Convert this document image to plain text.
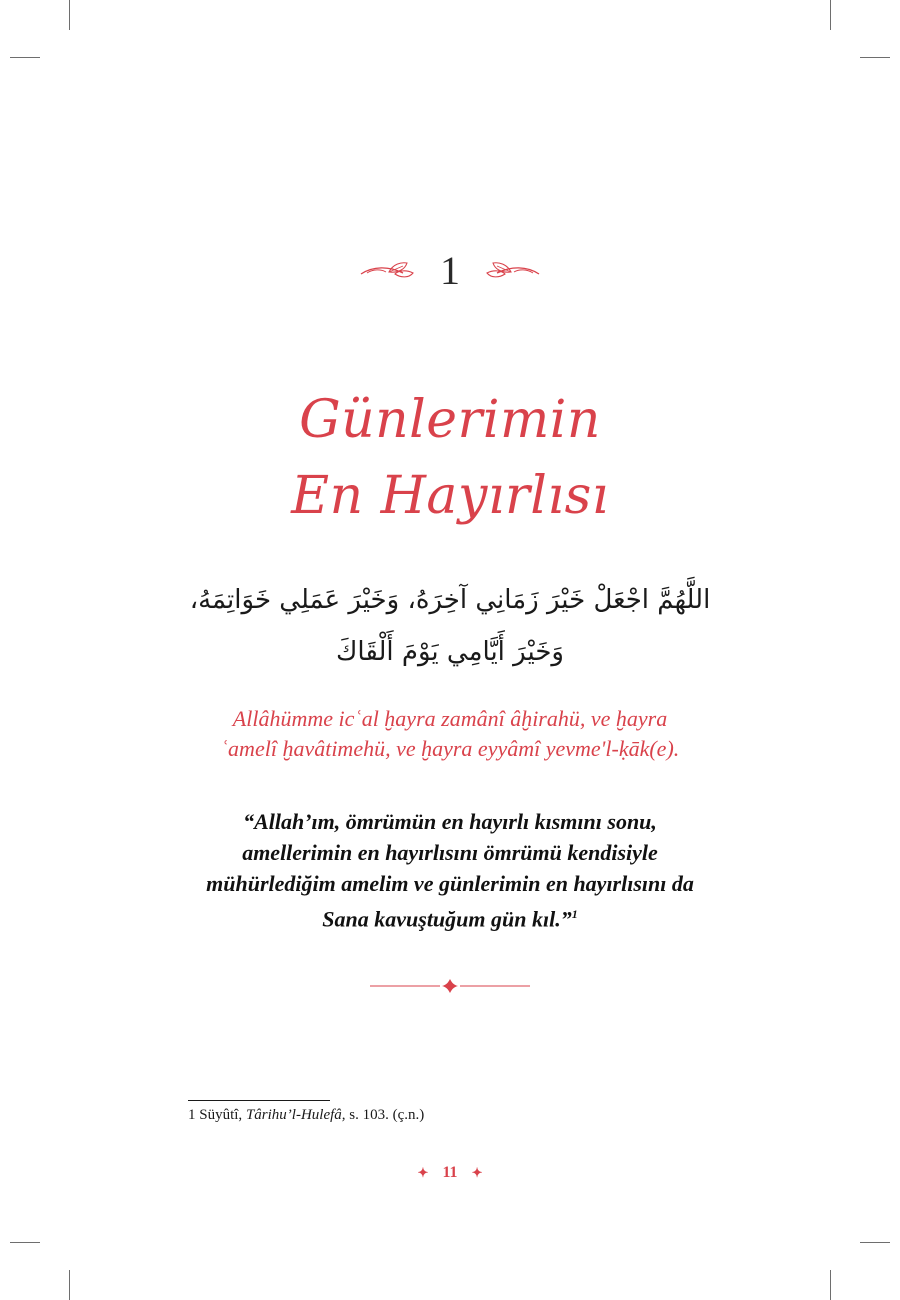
1
Günlerimin
En Hayırlısı
اللَّهُمَّ اجْعَلْ خَيْرَ زَمَانِي آخِرَهُ، وَخَيْرَ عَمَلِي خَوَاتِمَهُ،
وَخَيْرَ أَيَّامِي يَوْمَ أَلْقَاكَ
Allâhümme icʿal ḫayra zamânî âḫirahü, ve ḫayra
ʿamelî ḫavâtimehü, ve ḫayra eyyâmî yevme'l-ḳāk(e).
“Allah’ım, ömrümün en hayırlı kısmını sonu,
amellerimin en hayırlısını ömrümü kendisiyle
mühürlediğim amelim ve günlerimin en hayırlısını da
Sana kavuştuğum gün kıl.”$^1$
1 Süyûtî, Târihu’l-Hulefâ, s. 103. (ç.n.)
✦ 11 ✦
